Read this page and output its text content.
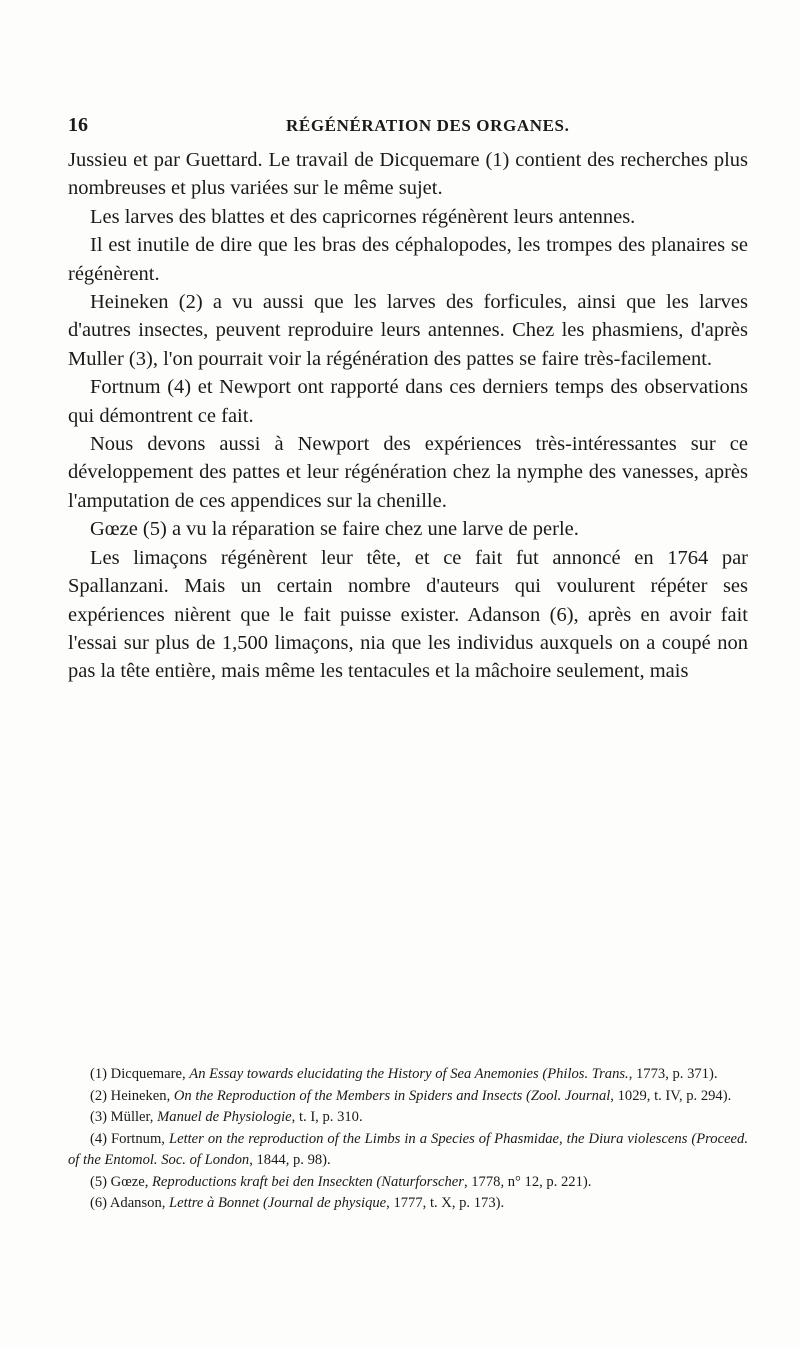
16	RÉGÉNÉRATION DES ORGANES.

Jussieu et par Guettard. Le travail de Dicquemare (1) contient des recherches plus nombreuses et plus variées sur le même sujet.

Les larves des blattes et des capricornes régénèrent leurs antennes.

Il est inutile de dire que les bras des céphalopodes, les trompes des planaires se régénèrent.

Heineken (2) a vu aussi que les larves des forficules, ainsi que les larves d'autres insectes, peuvent reproduire leurs antennes. Chez les phasmiens, d'après Muller (3), l'on pourrait voir la régénération des pattes se faire très-facilement.

Fortnum (4) et Newport ont rapporté dans ces derniers temps des observations qui démontrent ce fait.

Nous devons aussi à Newport des expériences très-intéressantes sur ce développement des pattes et leur régénération chez la nymphe des vanesses, après l'amputation de ces appendices sur la chenille.

Gœze (5) a vu la réparation se faire chez une larve de perle.

Les limaçons régénèrent leur tête, et ce fait fut annoncé en 1764 par Spallanzani. Mais un certain nombre d'auteurs qui voulurent répéter ses expériences nièrent que le fait puisse exister. Adanson (6), après en avoir fait l'essai sur plus de 1,500 limaçons, nia que les individus auxquels on a coupé non pas la tête entière, mais même les tentacules et la mâchoire seulement, mais

(1) Dicquemare, An Essay towards elucidating the History of Sea Anemonies (Philos. Trans., 1773, p. 371).

(2) Heineken, On the Reproduction of the Members in Spiders and Insects (Zool. Journal, 1029, t. IV, p. 294).

(3) Müller, Manuel de Physiologie, t. I, p. 310.

(4) Fortnum, Letter on the reproduction of the Limbs in a Species of Phasmidae, the Diura violescens (Proceed. of the Entomol. Soc. of London, 1844, p. 98).

(5) Gœze, Reproductions kraft bei den Inseckten (Naturforscher, 1778, n° 12, p. 221).

(6) Adanson, Lettre à Bonnet (Journal de physique, 1777, t. X, p. 173).
